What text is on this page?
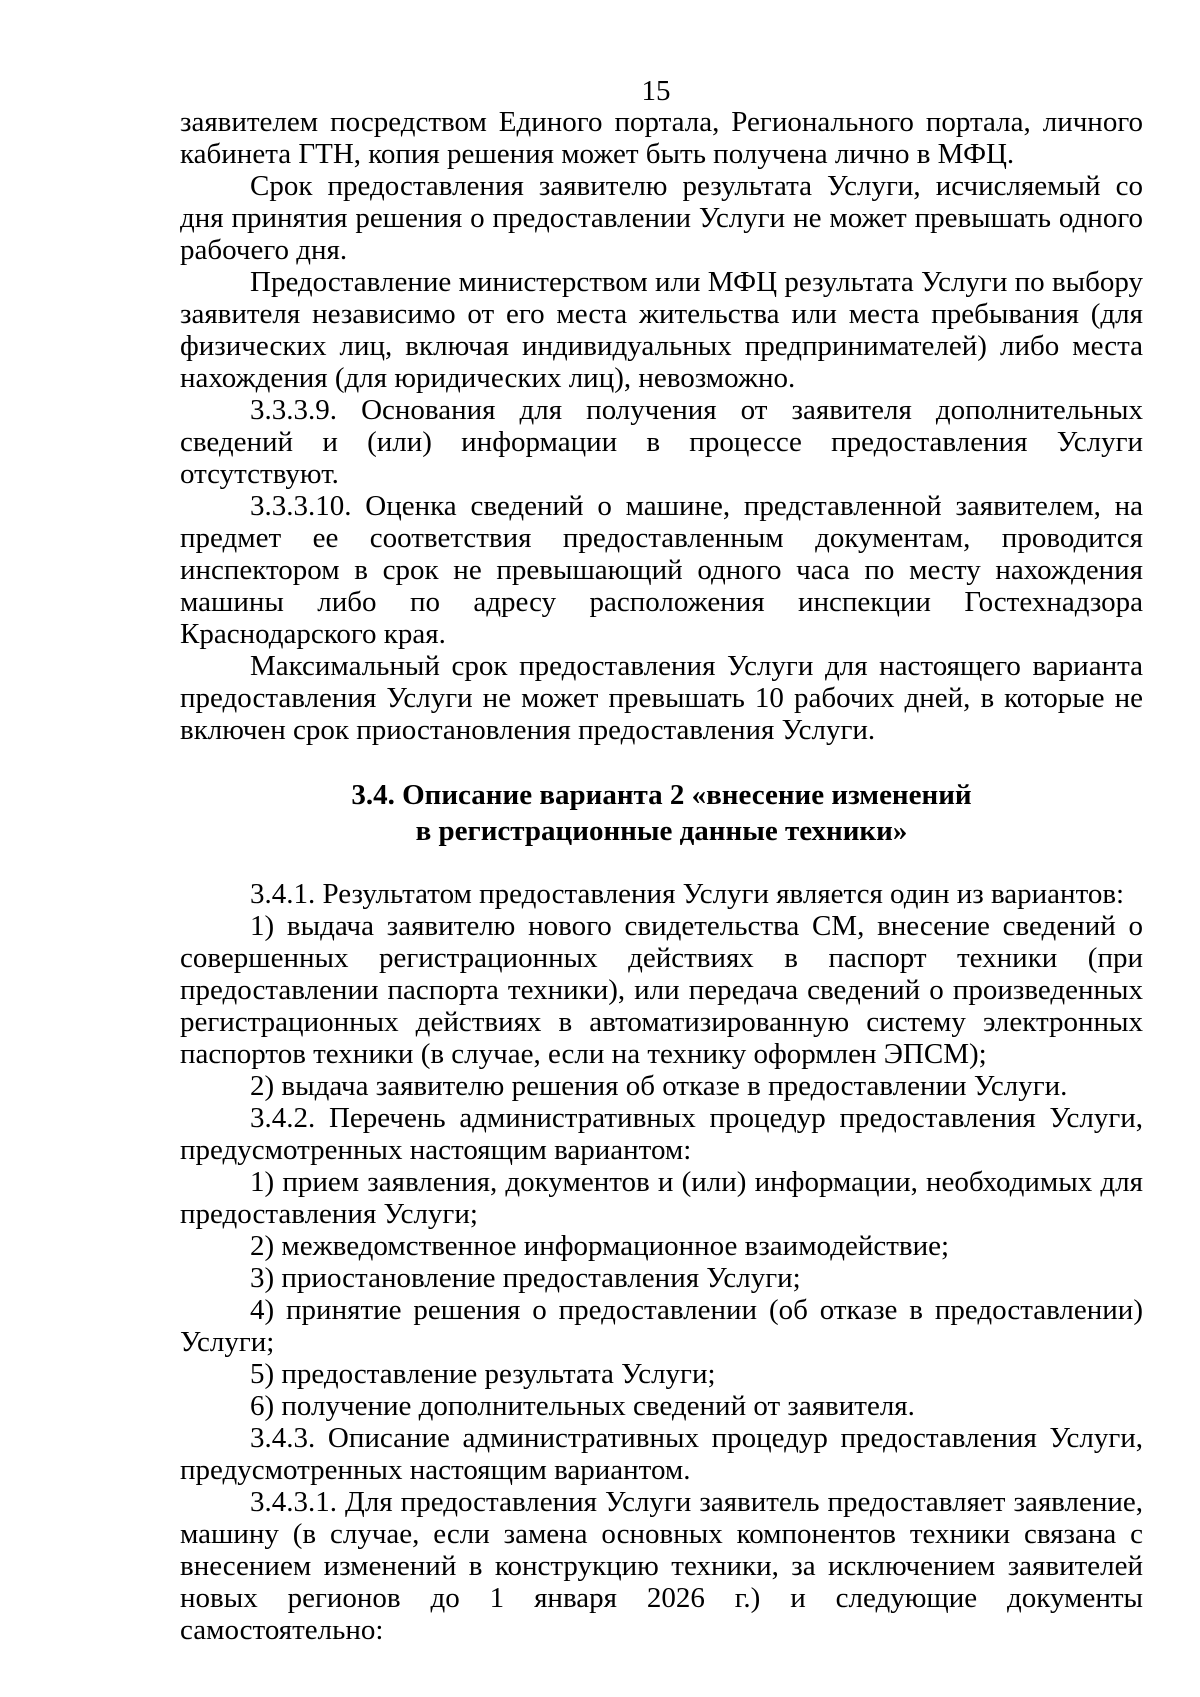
15

заявителем посредством Единого портала, Регионального портала, личного кабинета ГТН, копия решения может быть получена лично в МФЦ.

Срок предоставления заявителю результата Услуги, исчисляемый со дня принятия решения о предоставлении Услуги не может превышать одного рабочего дня.

Предоставление министерством или МФЦ результата Услуги по выбору заявителя независимо от его места жительства или места пребывания (для физических лиц, включая индивидуальных предпринимателей) либо места нахождения (для юридических лиц), невозможно.

3.3.3.9. Основания для получения от заявителя дополнительных сведений и (или) информации в процессе предоставления Услуги отсутствуют.

3.3.3.10. Оценка сведений о машине, представленной заявителем, на предмет ее соответствия предоставленным документам, проводится инспектором в срок не превышающий одного часа по месту нахождения машины либо по адресу расположения инспекции Гостехнадзора Краснодарского края.

Максимальный срок предоставления Услуги для настоящего варианта предоставления Услуги не может превышать 10 рабочих дней, в которые не включен срок приостановления предоставления Услуги.

3.4. Описание варианта 2 «внесение изменений
в регистрационные данные техники»

3.4.1. Результатом предоставления Услуги является один из вариантов:

1) выдача заявителю нового свидетельства СМ, внесение сведений о совершенных регистрационных действиях в паспорт техники (при предоставлении паспорта техники), или передача сведений о произведенных регистрационных действиях в автоматизированную систему электронных паспортов техники (в случае, если на технику оформлен ЭПСМ);

2) выдача заявителю решения об отказе в предоставлении Услуги.

3.4.2. Перечень административных процедур предоставления Услуги, предусмотренных настоящим вариантом:

1) прием заявления, документов и (или) информации, необходимых для предоставления Услуги;

2) межведомственное информационное взаимодействие;

3) приостановление предоставления Услуги;

4) принятие решения о предоставлении (об отказе в предоставлении) Услуги;

5) предоставление результата Услуги;

6) получение дополнительных сведений от заявителя.

3.4.3. Описание административных процедур предоставления Услуги, предусмотренных настоящим вариантом.

3.4.3.1. Для предоставления Услуги заявитель предоставляет заявление, машину (в случае, если замена основных компонентов техники связана с внесением изменений в конструкцию техники, за исключением заявителей новых регионов до 1 января 2026 г.) и следующие документы самостоятельно:
